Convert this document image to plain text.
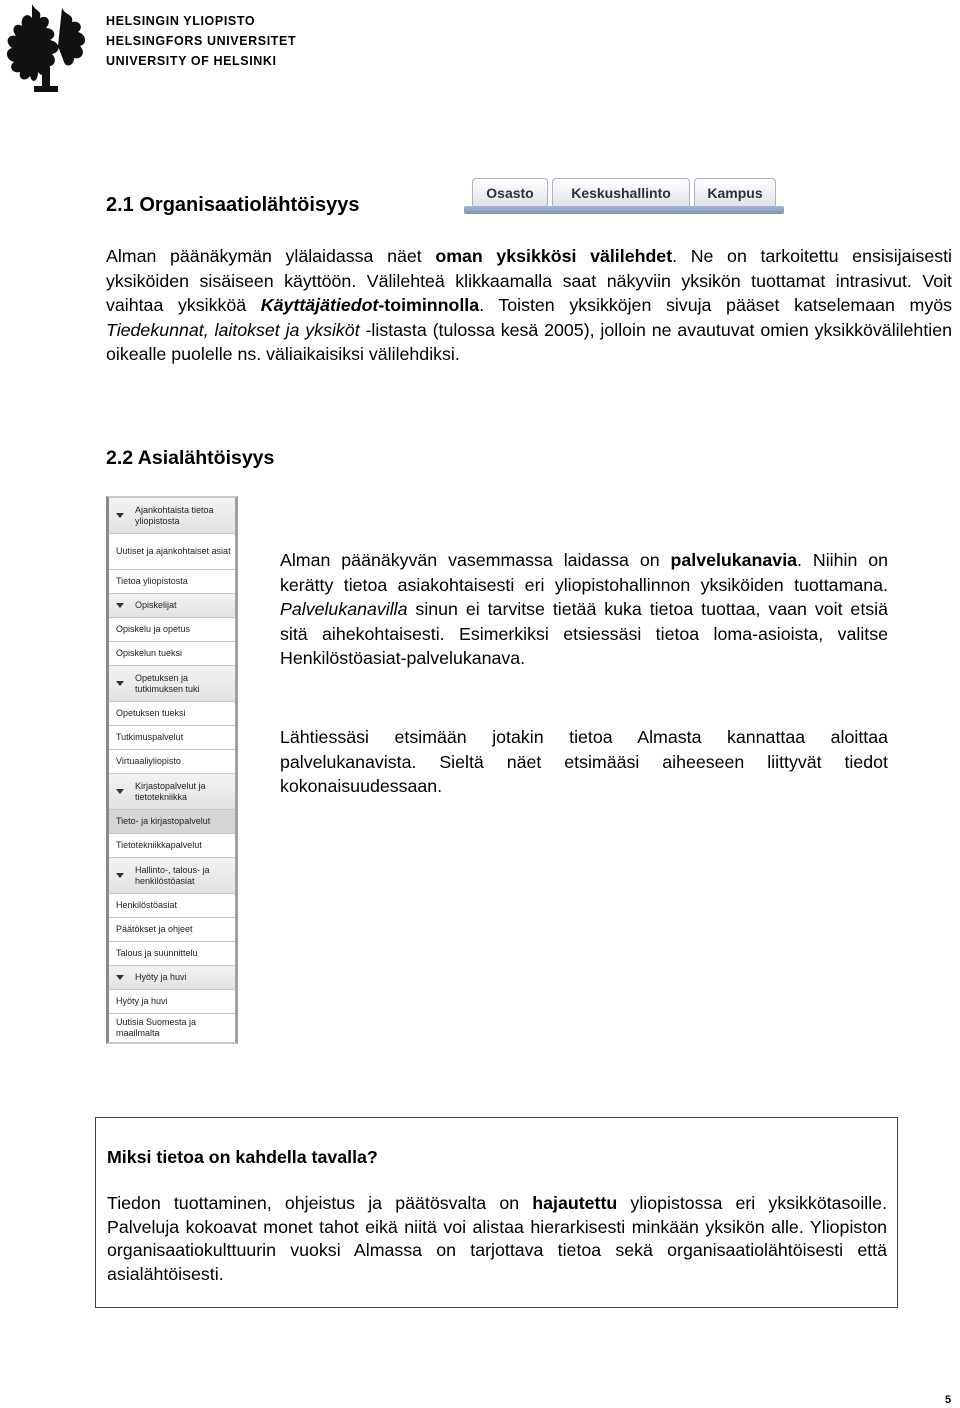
HELSINGIN YLIOPISTO
HELSINGFORS UNIVERSITET
UNIVERSITY OF HELSINKI
2.1 Organisaatiolähtöisyys
Osasto	Keskushallinto	Kampus

Alman päänäkymän ylälaidassa näet oman yksikkösi välilehdet. Ne on tarkoitettu ensisijaisesti yksiköiden sisäiseen käyttöön. Välilehteä klikkaamalla saat näkyviin yksikön tuottamat intrasivut. Voit vaihtaa yksikköä Käyttäjätiedot-toiminnolla. Toisten yksikköjen sivuja pääset katselemaan myös Tiedekunnat, laitokset ja yksiköt -listasta (tulossa kesä 2005), jolloin ne avautuvat omien yksikkövälilehtien oikealle puolelle ns. väliaikaisiksi välilehdiksi.

2.2 Asialähtöisyys
Ajankohtaista tietoa yliopistosta
Uutiset ja ajankohtaiset asiat
Tietoa yliopistosta
Opiskelijat
Opiskelu ja opetus
Opiskelun tueksi
Opetuksen ja tutkimuksen tuki
Opetuksen tueksi
Tutkimuspalvelut
Virtuaaliyliopisto
Kirjastopalvelut ja tietotekniikka
Tieto- ja kirjastopalvelut
Tietotekniikkapalvelut
Hallinto-, talous- ja henkilöstöasiat
Henkilöstöasiat
Päätökset ja ohjeet
Talous ja suunnittelu
Hyöty ja huvi
Hyöty ja huvi
Uutisia Suomesta ja maailmalta

Alman päänäkyvän vasemmassa laidassa on palvelukanavia. Niihin on kerätty tietoa asiakohtaisesti eri yliopistohallinnon yksiköiden tuottamana. Palvelukanavilla sinun ei tarvitse tietää kuka tietoa tuottaa, vaan voit etsiä sitä aihekohtaisesti. Esimerkiksi etsiessäsi tietoa loma-asioista, valitse Henkilöstöasiat-palvelukanava.

Lähtiessäsi etsimään jotakin tietoa Almasta kannattaa aloittaa palvelukanavista. Sieltä näet etsimääsi aiheeseen liittyvät tiedot kokonaisuudessaan.

Miksi tietoa on kahdella tavalla?

Tiedon tuottaminen, ohjeistus ja päätösvalta on hajautettu yliopistossa eri yksikkötasoille. Palveluja kokoavat monet tahot eikä niitä voi alistaa hierarkisesti minkään yksikön alle. Yliopiston organisaatiokulttuurin vuoksi Almassa on tarjottava tietoa sekä organisaatiolähtöisesti että asialähtöisesti.

5
